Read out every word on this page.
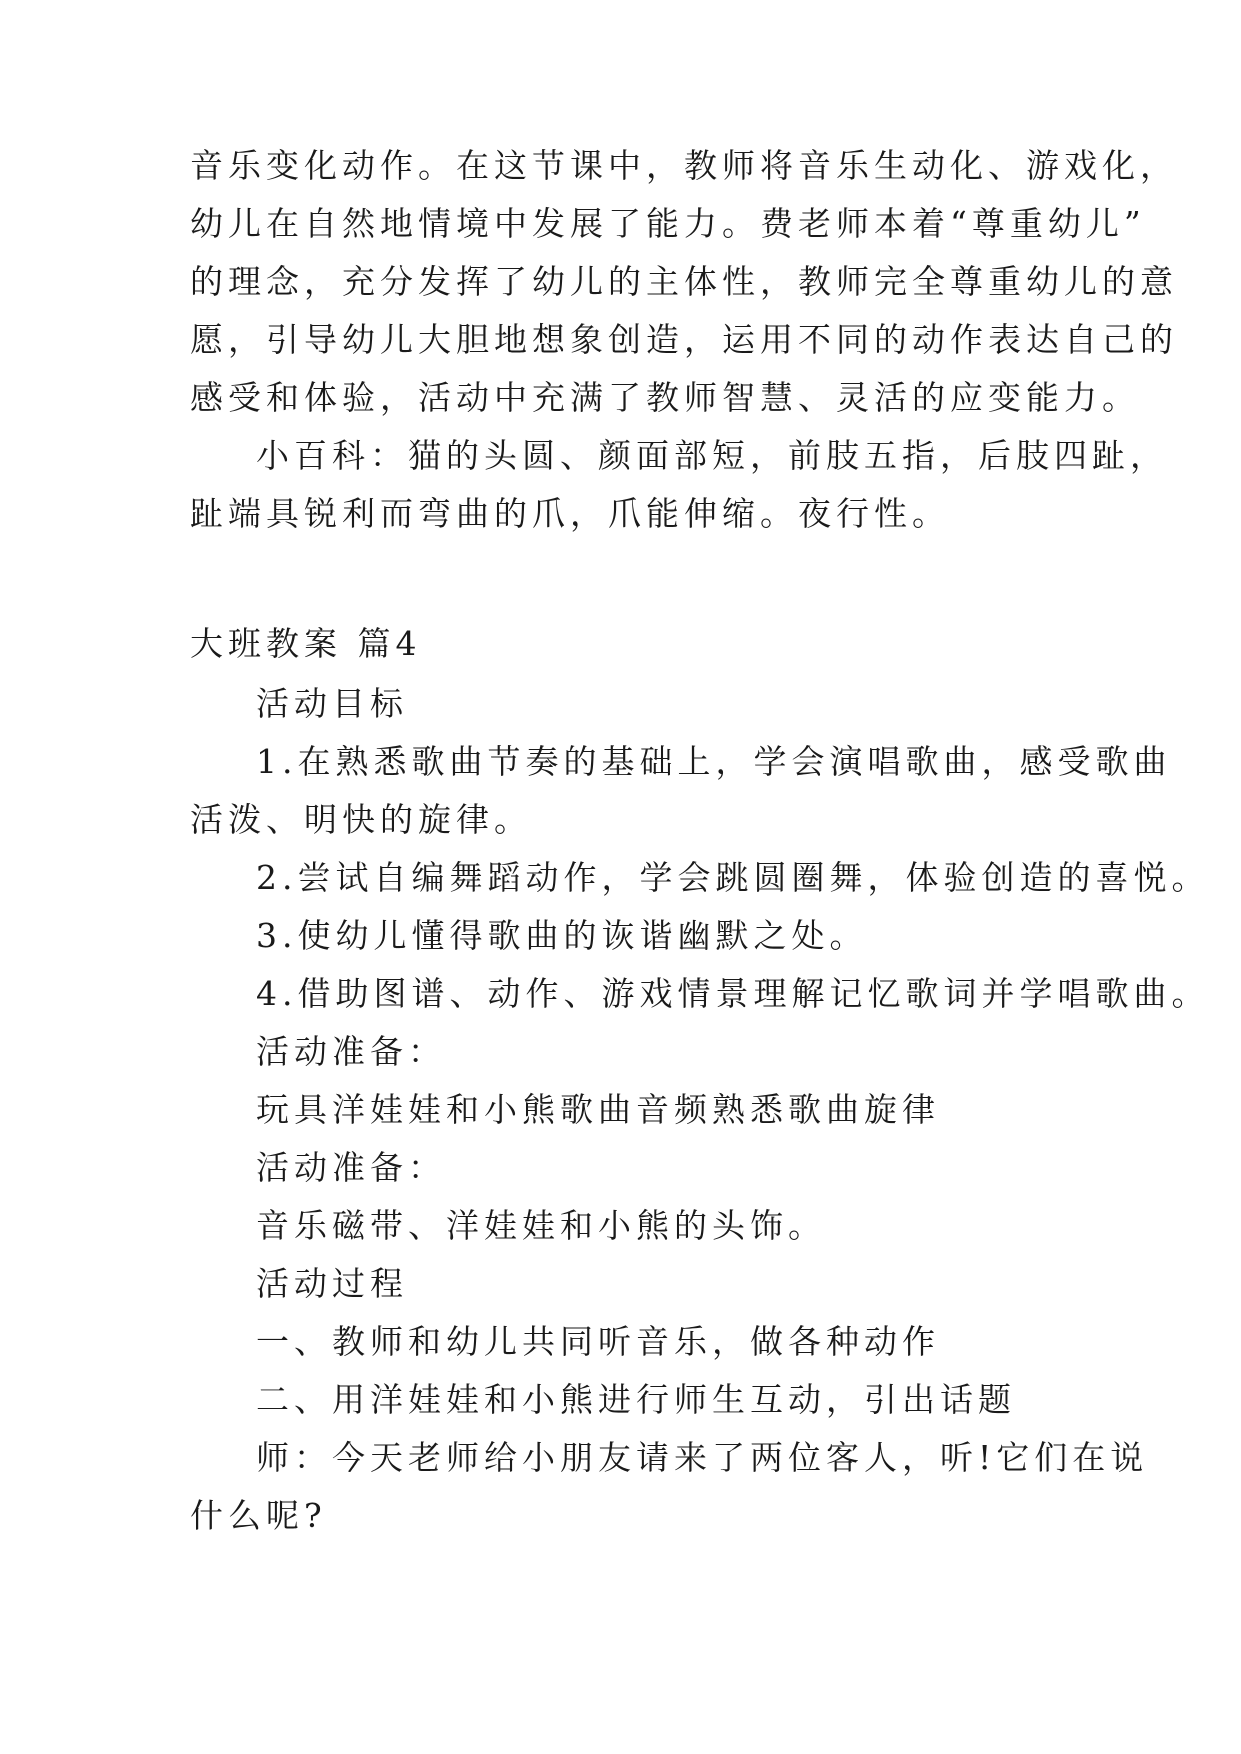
音乐变化动作。在这节课中，教师将音乐生动化、游戏化，
幼儿在自然地情境中发展了能力。费老师本着“尊重幼儿”
的理念，充分发挥了幼儿的主体性，教师完全尊重幼儿的意
愿，引导幼儿大胆地想象创造，运用不同的动作表达自己的
感受和体验，活动中充满了教师智慧、灵活的应变能力。
小百科：猫的头圆、颜面部短，前肢五指，后肢四趾，
趾端具锐利而弯曲的爪，爪能伸缩。夜行性。
大班教案 篇4
活动目标
1.在熟悉歌曲节奏的基础上，学会演唱歌曲，感受歌曲
活泼、明快的旋律。
2.尝试自编舞蹈动作，学会跳圆圈舞，体验创造的喜悦。
3.使幼儿懂得歌曲的诙谐幽默之处。
4.借助图谱、动作、游戏情景理解记忆歌词并学唱歌曲。
活动准备：
玩具洋娃娃和小熊歌曲音频熟悉歌曲旋律
活动准备：
音乐磁带、洋娃娃和小熊的头饰。
活动过程
一、教师和幼儿共同听音乐，做各种动作
二、用洋娃娃和小熊进行师生互动，引出话题
师：今天老师给小朋友请来了两位客人，听!它们在说
什么呢?
